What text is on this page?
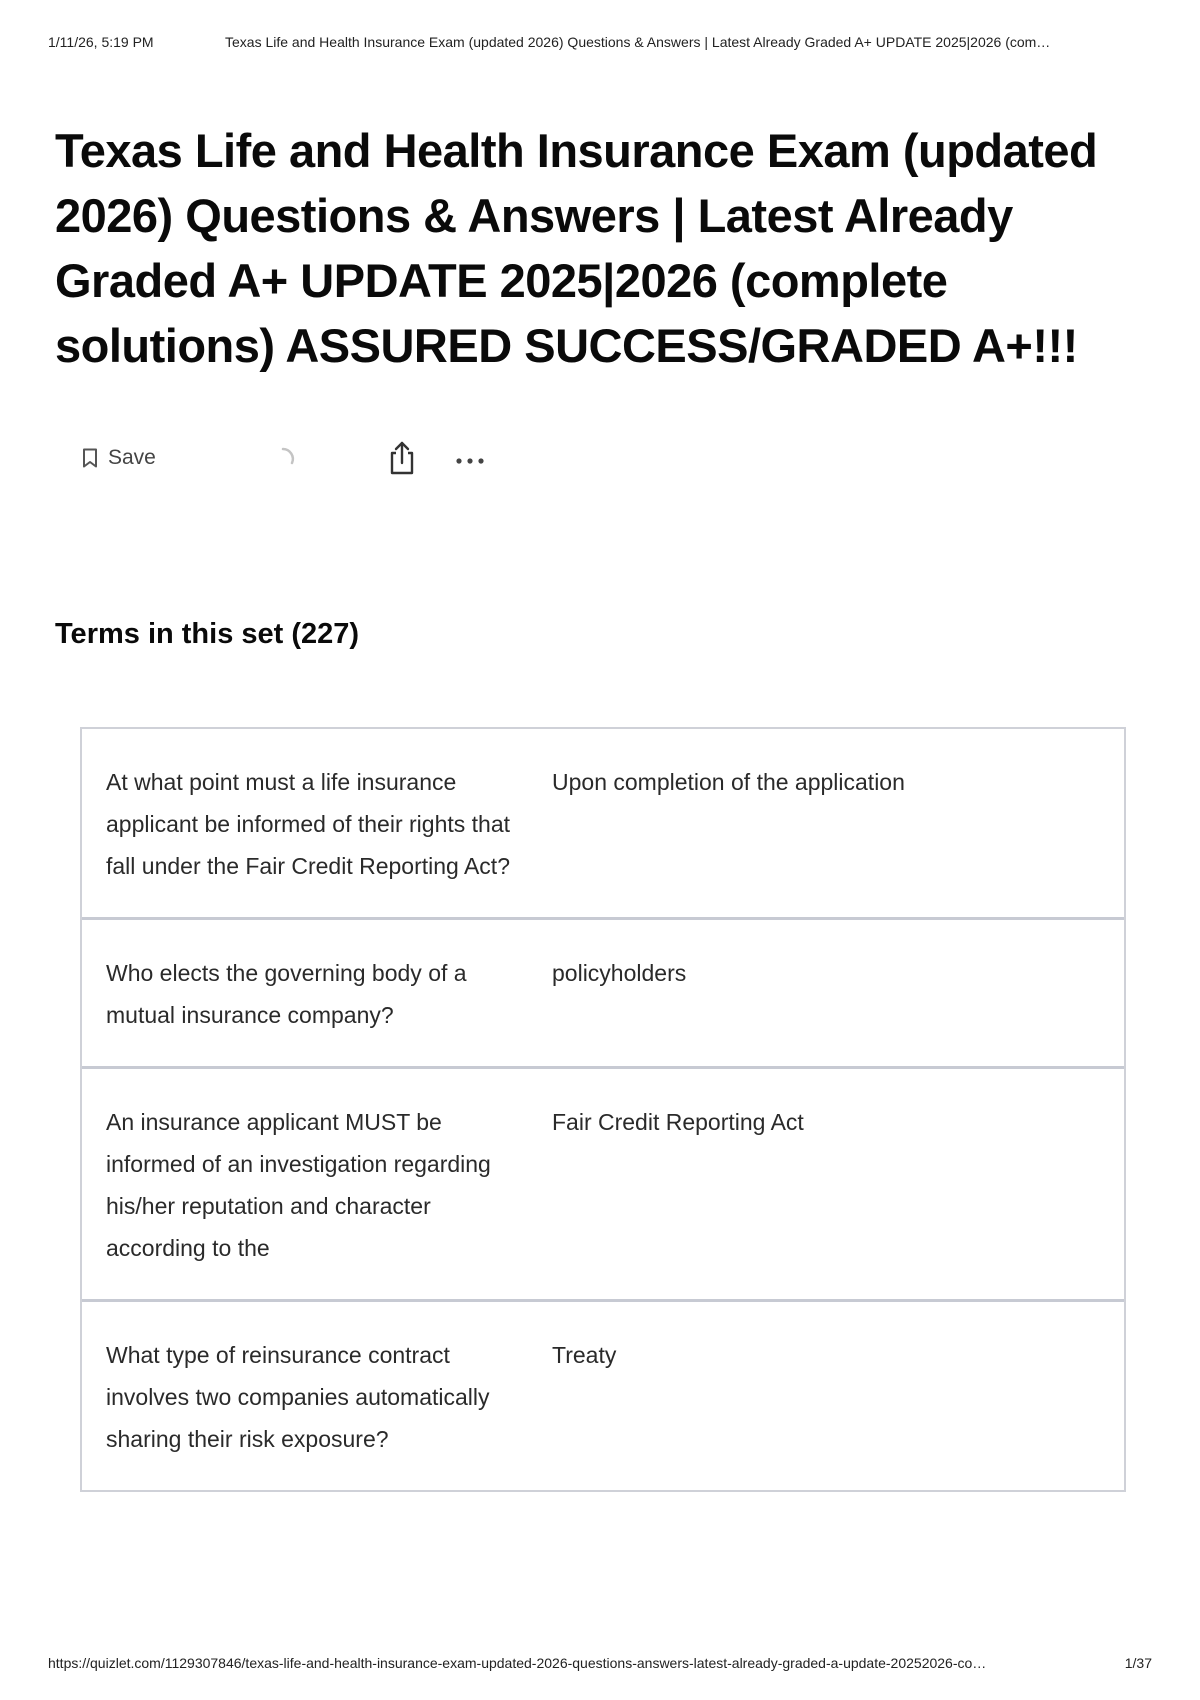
1/11/26, 5:19 PM	Texas Life and Health Insurance Exam (updated 2026) Questions & Answers | Latest Already Graded A+ UPDATE 2025|2026 (com…
Texas Life and Health Insurance Exam (updated 2026) Questions & Answers | Latest Already Graded A+ UPDATE 2025|2026 (complete solutions) ASSURED SUCCESS/GRADED A+!!!
Save
Terms in this set (227)
At what point must a life insurance applicant be informed of their rights that fall under the Fair Credit Reporting Act?
Upon completion of the application
Who elects the governing body of a mutual insurance company?
policyholders
An insurance applicant MUST be informed of an investigation regarding his/her reputation and character according to the
Fair Credit Reporting Act
What type of reinsurance contract involves two companies automatically sharing their risk exposure?
Treaty
https://quizlet.com/1129307846/texas-life-and-health-insurance-exam-updated-2026-questions-answers-latest-already-graded-a-update-20252026-co…	1/37
